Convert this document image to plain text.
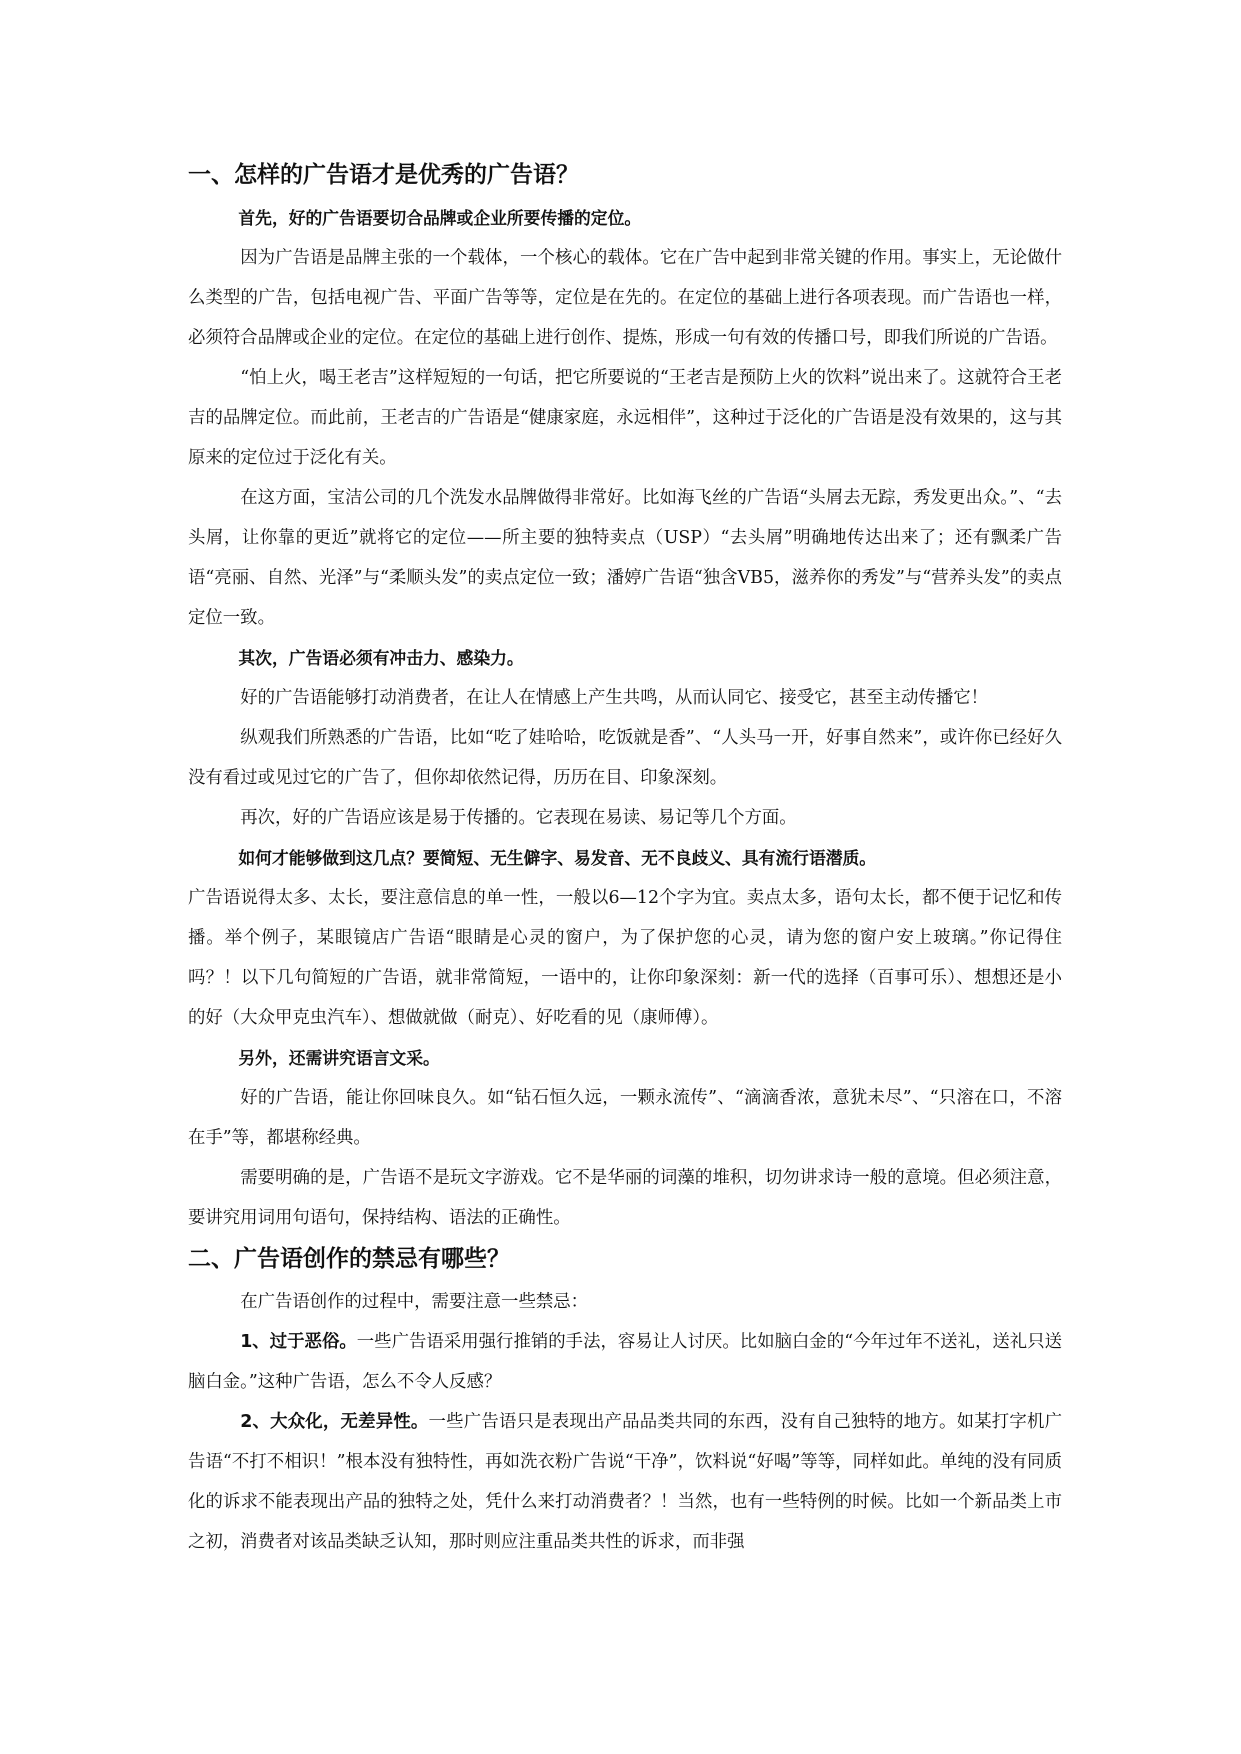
一、怎样的广告语才是优秀的广告语？

首先，好的广告语要切合品牌或企业所要传播的定位。

因为广告语是品牌主张的一个载体，一个核心的载体。它在广告中起到非常关键的作用。事实上，无论做什么类型的广告，包括电视广告、平面广告等等，定位是在先的。在定位的基础上进行各项表现。而广告语也一样，必须符合品牌或企业的定位。在定位的基础上进行创作、提炼，形成一句有效的传播口号，即我们所说的广告语。

“怕上火，喝王老吉”这样短短的一句话，把它所要说的“王老吉是预防上火的饮料”说出来了。这就符合王老吉的品牌定位。而此前，王老吉的广告语是“健康家庭，永远相伴”，这种过于泛化的广告语是没有效果的，这与其原来的定位过于泛化有关。

在这方面，宝洁公司的几个洗发水品牌做得非常好。比如海飞丝的广告语“头屑去无踪，秀发更出众。”、“去头屑，让你靠的更近”就将它的定位——所主要的独特卖点（USP）“去头屑”明确地传达出来了；还有飘柔广告语“亮丽、自然、光泽”与“柔顺头发”的卖点定位一致；潘婷广告语“独含VB5，滋养你的秀发”与“营养头发”的卖点定位一致。

其次，广告语必须有冲击力、感染力。

好的广告语能够打动消费者，在让人在情感上产生共鸣，从而认同它、接受它，甚至主动传播它！

纵观我们所熟悉的广告语，比如“吃了娃哈哈，吃饭就是香”、“人头马一开，好事自然来”，或许你已经好久没有看过或见过它的广告了，但你却依然记得，历历在目、印象深刻。

再次，好的广告语应该是易于传播的。它表现在易读、易记等几个方面。

如何才能够做到这几点？要简短、无生僻字、易发音、无不良歧义、具有流行语潜质。

广告语说得太多、太长，要注意信息的单一性，一般以6—12个字为宜。卖点太多，语句太长，都不便于记忆和传播。举个例子，某眼镜店广告语“眼睛是心灵的窗户，为了保护您的心灵，请为您的窗户安上玻璃。”你记得住吗？！以下几句简短的广告语，就非常简短，一语中的，让你印象深刻：新一代的选择（百事可乐）、想想还是小的好（大众甲克虫汽车）、想做就做（耐克）、好吃看的见（康师傅）。

另外，还需讲究语言文采。

好的广告语，能让你回味良久。如“钻石恒久远，一颗永流传”、“滴滴香浓，意犹未尽”、“只溶在口，不溶在手”等，都堪称经典。

需要明确的是，广告语不是玩文字游戏。它不是华丽的词藻的堆积，切勿讲求诗一般的意境。但必须注意，要讲究用词用句语句，保持结构、语法的正确性。

二、广告语创作的禁忌有哪些？

在广告语创作的过程中，需要注意一些禁忌：

1、过于恶俗。一些广告语采用强行推销的手法，容易让人讨厌。比如脑白金的“今年过年不送礼，送礼只送脑白金。”这种广告语，怎么不令人反感？

2、大众化，无差异性。一些广告语只是表现出产品品类共同的东西，没有自己独特的地方。如某打字机广告语“不打不相识！”根本没有独特性，再如洗衣粉广告说“干净”，饮料说“好喝”等等，同样如此。单纯的没有同质化的诉求不能表现出产品的独特之处，凭什么来打动消费者？！当然，也有一些特例的时候。比如一个新品类上市之初，消费者对该品类缺乏认知，那时则应注重品类共性的诉求，而非强
